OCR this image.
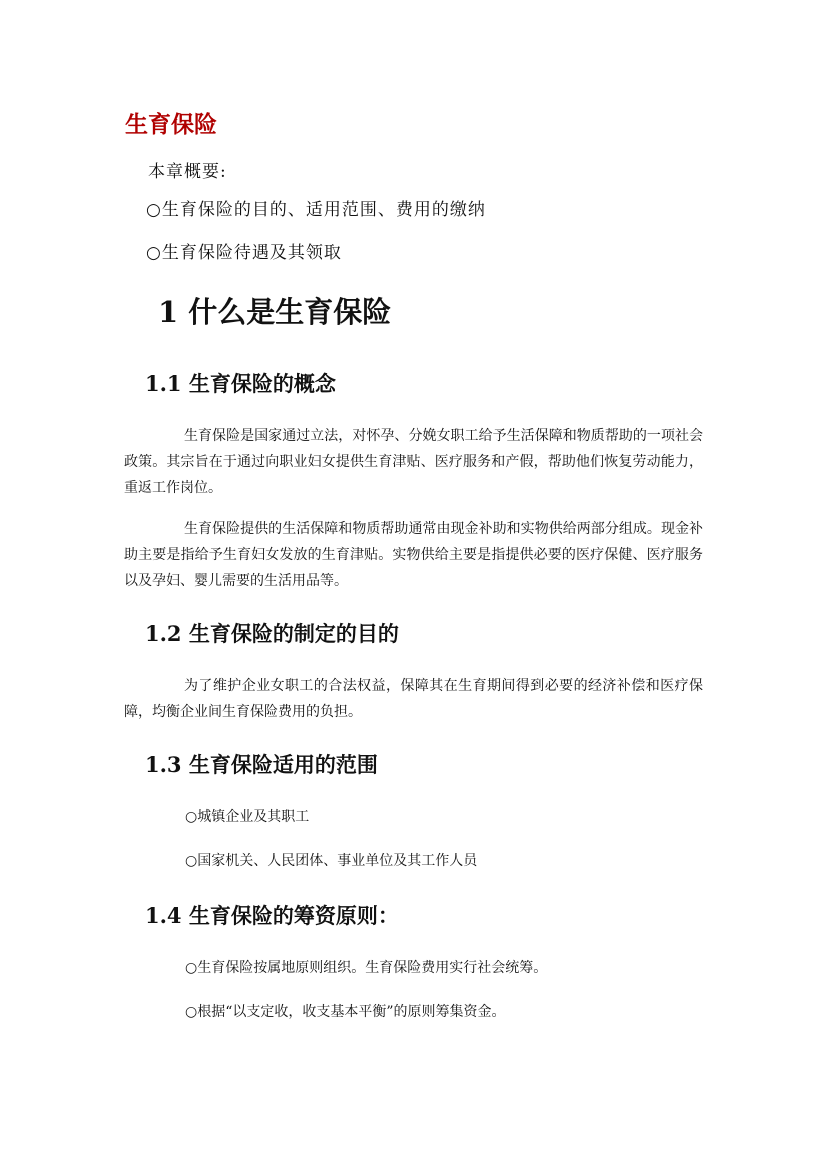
生育保险
本章概要:
○生育保险的目的、适用范围、费用的缴纳
○生育保险待遇及其领取
1 什么是生育保险
1.1 生育保险的概念
生育保险是国家通过立法，对怀孕、分娩女职工给予生活保障和物质帮助的一项社会政策。其宗旨在于通过向职业妇女提供生育津贴、医疗服务和产假，帮助他们恢复劳动能力，重返工作岗位。
生育保险提供的生活保障和物质帮助通常由现金补助和实物供给两部分组成。现金补助主要是指给予生育妇女发放的生育津贴。实物供给主要是指提供必要的医疗保健、医疗服务以及孕妇、婴儿需要的生活用品等。
1.2 生育保险的制定的目的
为了维护企业女职工的合法权益，保障其在生育期间得到必要的经济补偿和医疗保障，均衡企业间生育保险费用的负担。
1.3 生育保险适用的范围
○城镇企业及其职工
○国家机关、人民团体、事业单位及其工作人员
1.4 生育保险的筹资原则：
○生育保险按属地原则组织。生育保险费用实行社会统筹。
○根据“以支定收，收支基本平衡”的原则筹集资金。
